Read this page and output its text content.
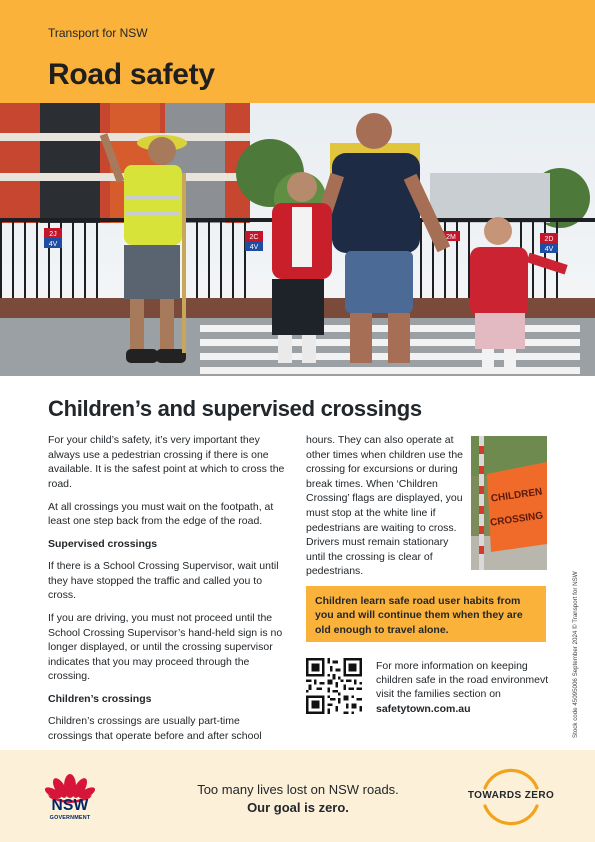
Transport for NSW
Road safety
2J
4V
2C
4V
2M	2D
4V
Children’s and supervised crossings

For your child’s safety, it’s very important they always use a pedestrian crossing if there is one available. It is the safest point at which to cross the road.

At all crossings you must wait on the footpath, at least one step back from the edge of the road.

Supervised crossings

If there is a School Crossing Supervisor, wait until they have stopped the traffic and called you to cross.

If you are driving, you must not proceed until the School Crossing Supervisor’s hand-held sign is no longer displayed, or until the crossing supervisor indicates that you may proceed through the crossing.

Children’s crossings

Children’s crossings are usually part-time crossings that operate before and after school

hours. They can also operate at other times when children use the crossing for excursions or during break times. When ‘Children Crossing’ flags are displayed, you must stop at the white line if pedestrians are waiting to cross. Drivers must remain stationary until the crossing is clear of pedestrians.

CHILDREN
CROSSING
Children learn safe road user habits from you and will continue them when they are old enough to travel alone.
For more information on keeping children safe in the road environmevt visit the families section on safetytown.com.au	Stock code 45095006 September 2024 © Transport for NSW
NSW
GOVERNMENT
Too many lives lost on NSW roads.
Our goal is zero.
TOWARDS ZERO
